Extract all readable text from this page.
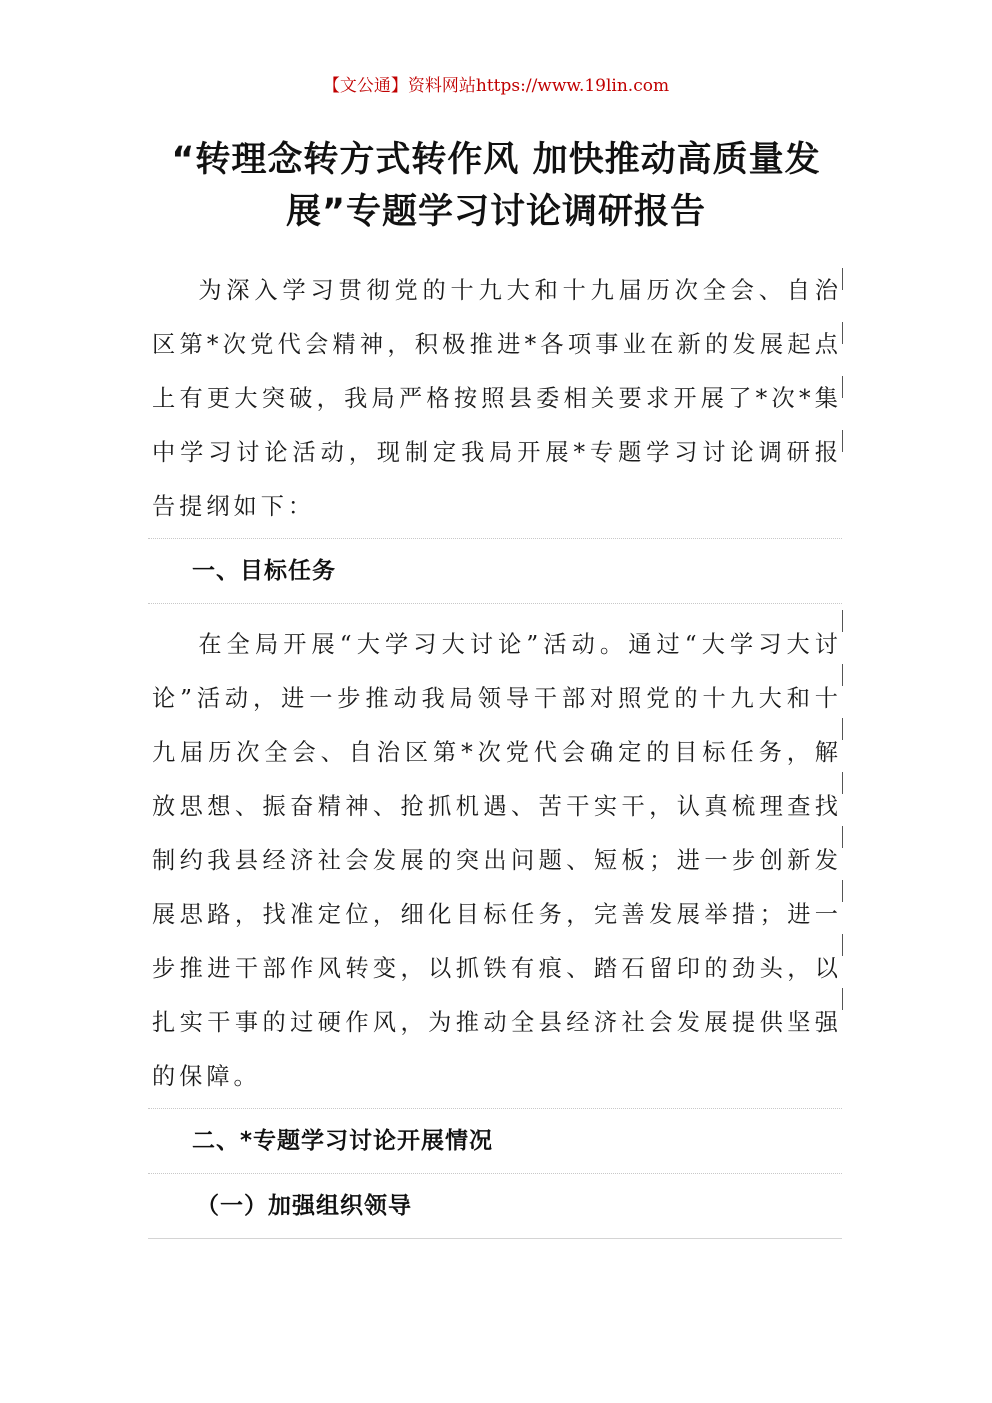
【文公通】资料网站https://www.19lin.com
“转理念转方式转作风 加快推动高质量发展”专题学习讨论调研报告

为深入学习贯彻党的十九大和十九届历次全会、自治区第*次党代会精神，积极推进*各项事业在新的发展起点上有更大突破，我局严格按照县委相关要求开展了*次*集中学习讨论活动，现制定我局开展*专题学习讨论调研报告提纲如下：

一、目标任务

在全局开展“大学习大讨论”活动。通过“大学习大讨论”活动，进一步推动我局领导干部对照党的十九大和十九届历次全会、自治区第*次党代会确定的目标任务，解放思想、振奋精神、抢抓机遇、苦干实干，认真梳理查找制约我县经济社会发展的突出问题、短板；进一步创新发展思路，找准定位，细化目标任务，完善发展举措；进一步推进干部作风转变，以抓铁有痕、踏石留印的劲头，以扎实干事的过硬作风，为推动全县经济社会发展提供坚强的保障。

二、*专题学习讨论开展情况
（一）加强组织领导
